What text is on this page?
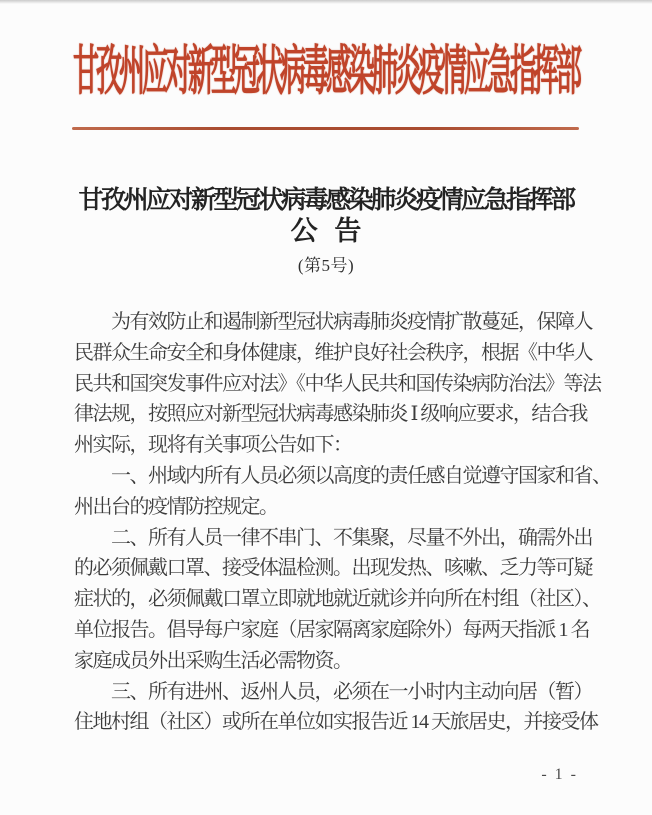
甘孜州应对新型冠状病毒感染肺炎疫情应急指挥部
甘孜州应对新型冠状病毒感染肺炎疫情应急指挥部
公 告
(第5号)
为有效防止和遏制新型冠状病毒肺炎疫情扩散蔓延，保障人
民群众生命安全和身体健康，维护良好社会秩序，根据《中华人
民共和国突发事件应对法》《中华人民共和国传染病防治法》等法
律法规，按照应对新型冠状病毒感染肺炎 Ⅰ 级响应要求，结合我
州实际，现将有关事项公告如下：
一、州域内所有人员必须以高度的责任感自觉遵守国家和省、
州出台的疫情防控规定。
二、所有人员一律不串门、不集聚，尽量不外出，确需外出
的必须佩戴口罩、接受体温检测。出现发热、咳嗽、乏力等可疑
症状的，必须佩戴口罩立即就地就近就诊并向所在村组（社区）、
单位报告。倡导每户家庭（居家隔离家庭除外）每两天指派 1 名
家庭成员外出采购生活必需物资。
三、所有进州、返州人员，必须在一小时内主动向居（暂）
住地村组（社区）或所在单位如实报告近 14 天旅居史，并接受体
- 1 -
